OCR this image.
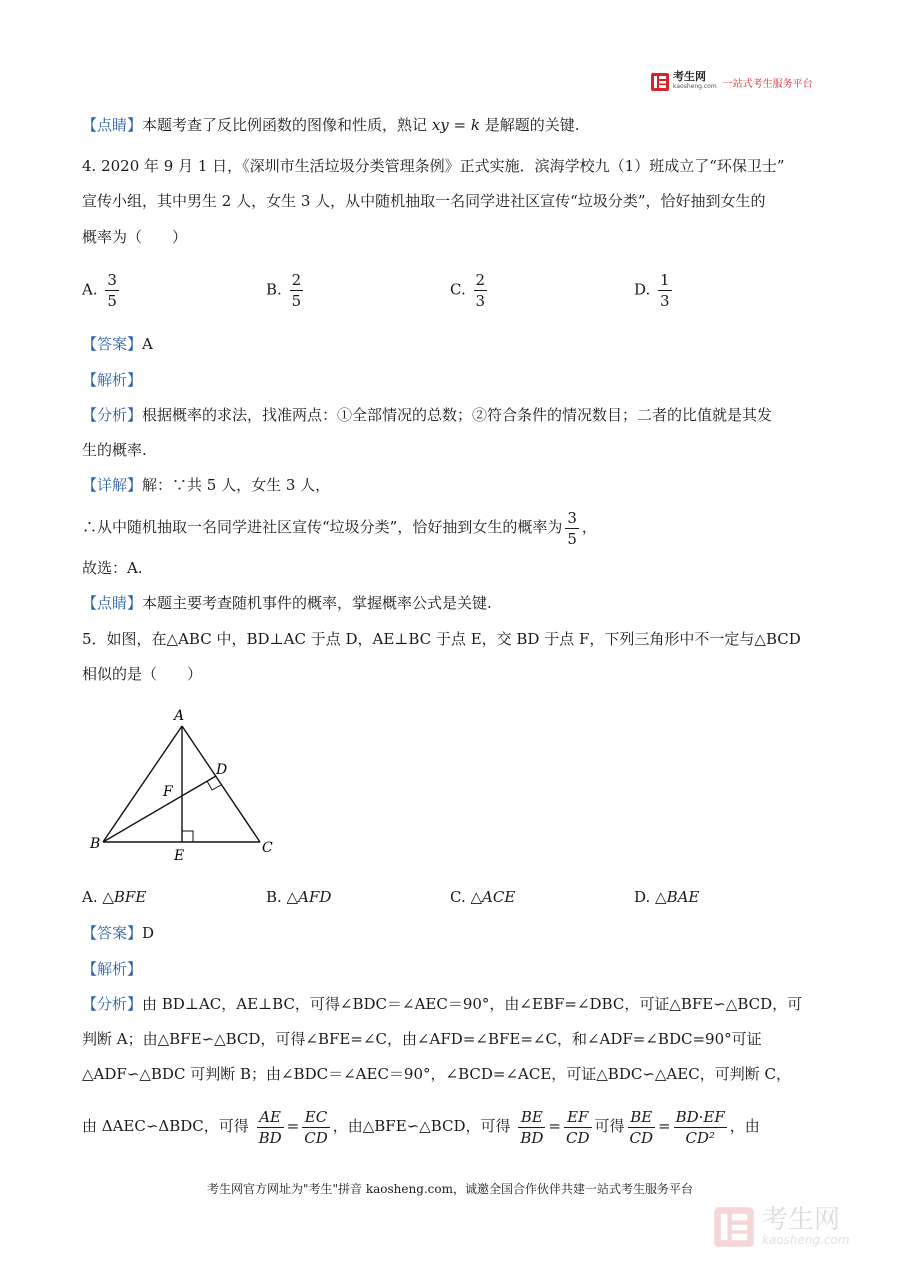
考生网
kaosheng.com 一站式考生服务平台
【点睛】本题考查了反比例函数的图像和性质，熟记 xy = k 是解题的关键.
4. 2020 年 9 月 1 日，《深圳市生活垃圾分类管理条例》正式实施．滨海学校九（1）班成立了“环保卫士”
宣传小组，其中男生 2 人，女生 3 人，从中随机抽取一名同学进社区宣传“垃圾分类”，恰好抽到女生的
概率为（　　）
A. $\frac{3}{5}$	B. $\frac{2}{5}$	C. $\frac{2}{3}$	D. $\frac{1}{3}$
【答案】A
【解析】
【分析】根据概率的求法，找准两点：①全部情况的总数；②符合条件的情况数目；二者的比值就是其发
生的概率.
【详解】解：∵共 5 人，女生 3 人，
∴从中随机抽取一名同学进社区宣传“垃圾分类”，恰好抽到女生的概率为 $\frac{3}{5}$ ，
故选：A.
【点睛】本题主要考查随机事件的概率，掌握概率公式是关键.
5．如图，在△ABC 中，BD⊥AC 于点 D，AE⊥BC 于点 E，交 BD 于点 F，下列三角形中不一定与△BCD
相似的是（　　）
A
B	C
D
E
F
A. △BFE	B. △AFD	C. △ACE	D. △BAE
【答案】D
【解析】
【分析】由 BD⊥AC，AE⊥BC，可得∠BDC＝∠AEC＝90°，由∠EBF=∠DBC，可证△BFE∽△BCD，可
判断 A；由△BFE∽△BCD，可得∠BFE=∠C，由∠AFD=∠BFE=∠C，和∠ADF=∠BDC=90°可证
△ADF∽△BDC 可判断 B；由∠BDC＝∠AEC＝90°，∠BCD=∠ACE，可证△BDC∽△AEC，可判断 C，
由 ΔAEC∽ΔBDC，可得 $\frac{AE}{BD} = \frac{EC}{CD}$ ，由△BFE∽△BCD，可得 $\frac{BE}{BD} = \frac{EF}{CD}$ 可得 $\frac{BE}{CD} = \frac{BD\cdot EF}{\text{CD²}}$ ，由
考生网官方网址为"考生"拼音 kaosheng.com，诚邀全国合作伙伴共建一站式考生服务平台
考生网
kaosheng.com
